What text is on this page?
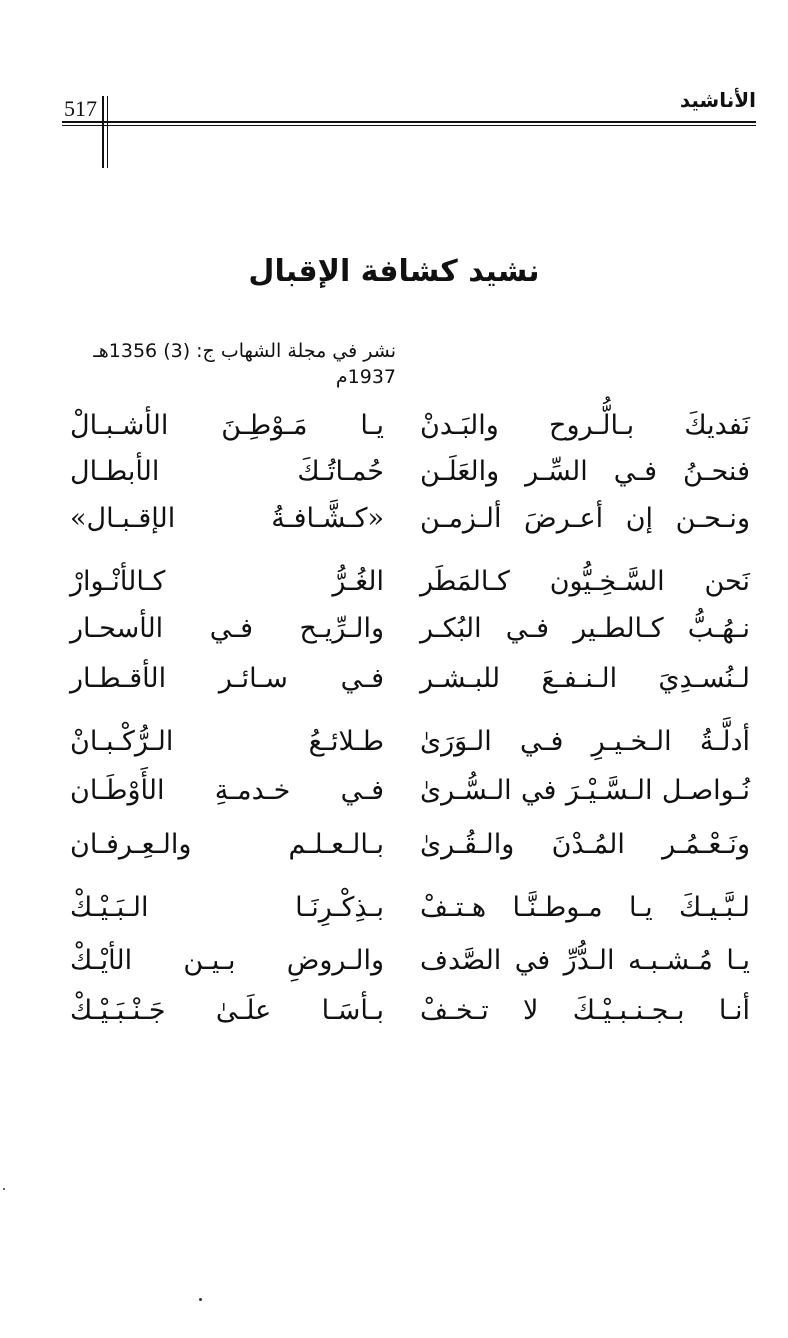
517	الأناشيد
نشيد كشافة الإقبال
نشر في مجلة الشهاب ج: (3) 1356هـ 1937م
نَفديكَ بـالُّـروح والبَـدنْ
يـا مَـوْطِـنَ الأشـبـالْ
فنحـنُ فـي السِّـر والعَلَـن
حُمـاتُـكَ الأبطـال
ونـحـن إن أعـرضَ ألـزمـن
«كـشَّـافـةُ الإقـبـال»
نَحن السَّـخِـيُّون كـالمَطَر
الغُـرُّ كـالأنْـوارْ
نـهُـبُّ كـالطـير فـي البُكـر
والـرِّيـح فـي الأسحـار
لـنُسـدِيَ الـنـفـعَ للبـشـر
فـي سـائـر الأقـطـار
أدلَّـةُ الـخـيـرِ فـي الـوَرَىٰ
طـلائـعُ الـرُّكْـبـانْ
نُـواصـل الـسَّـيْـرَ في الـسُّـرىٰ
فـي خـدمـةِ الأَوْطَـان
ونَـعْـمُـر المُـدْنَ والـقُـرىٰ
بـالـعـلـم والـعِـرفـان
لـبَّـيـكَ يـا مـوطـنَّـا هـتـفْ
بـذِكْـرِنَـا الـبَـيْـكْ
يـا مُـشـبـه الـدُّرِّ في الصَّدف
والـروضِ بـيـن الأيْـكْ
أنـا بـجـنـبـيْـكَ لا تـخـفْ
بـأسَـا علَـىٰ جَـنْـبَـيْـكْ
